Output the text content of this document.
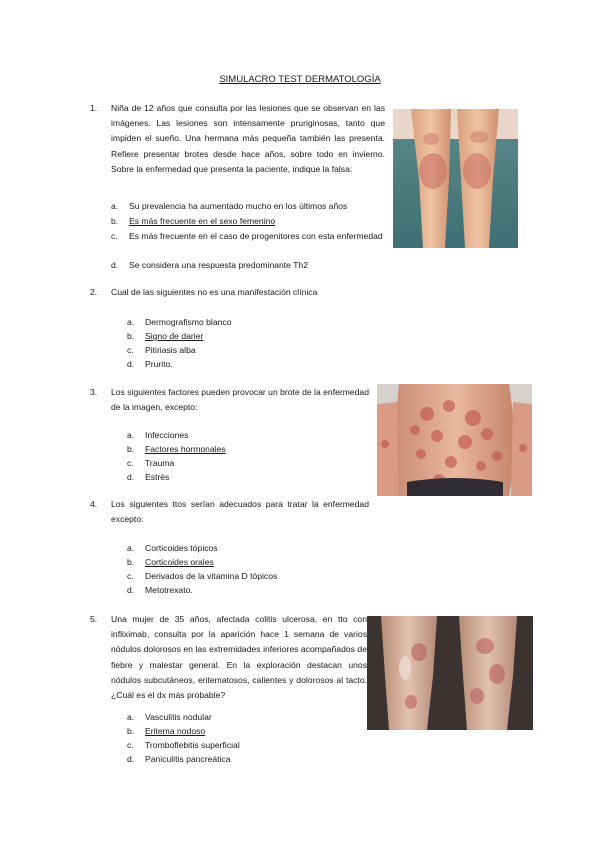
SIMULACRO TEST DERMATOLOGÍA
1. Niña de 12 años que consulta por las lesiones que se observan en las imágenes. Las lesiones son intensamente pruriginosas, tanto que impiden el sueño. Una hermana más pequeña también las presenta. Refiere presentar brotes desde hace años, sobre todo en invierno. Sobre la enfermedad que presenta la paciente, indique la falsa:
a. Su prevalencia ha aumentado mucho en los últimos años
b. Es más frecuente en el sexo femenino
c. Es más frecuente en el caso de progenitores con esta enfermedad
d. Se considera una respuesta predominante Th2
2. Cual de las siguientes no es una manifestación clínica
a. Dermografismo blanco
b. Signo de darier
c. Pitiriasis alba
d. Prurito.
3. Los siguientes factores pueden provocar un brote de la enfermedad de la imagen, excepto:
a. Infecciones
b. Factores hormonales
c. Trauma
d. Estrés
4. Los siguientes ttos serían adecuados para tratar la enfermedad excepto:
a. Corticoides tópicos
b. Corticoides orales
c. Derivados de la vitamina D tópicos
d. Metotrexato.
5. Una mujer de 35 años, afectada colitis ulcerosa, en tto con infliximab, consulta por la aparición hace 1 semana de varios nódulos dolorosos en las extremidades inferiores acompañados de fiebre y malestar general. En la exploración destacan unos nódulos subcutáneos, eritematosos, calientes y dolorosos al tacto. ¿Cuál es el dx más probable?
a. Vasculitis nodular
b. Eritema nodoso
c. Tromboflebitis superficial
d. Paniculitis pancreática
